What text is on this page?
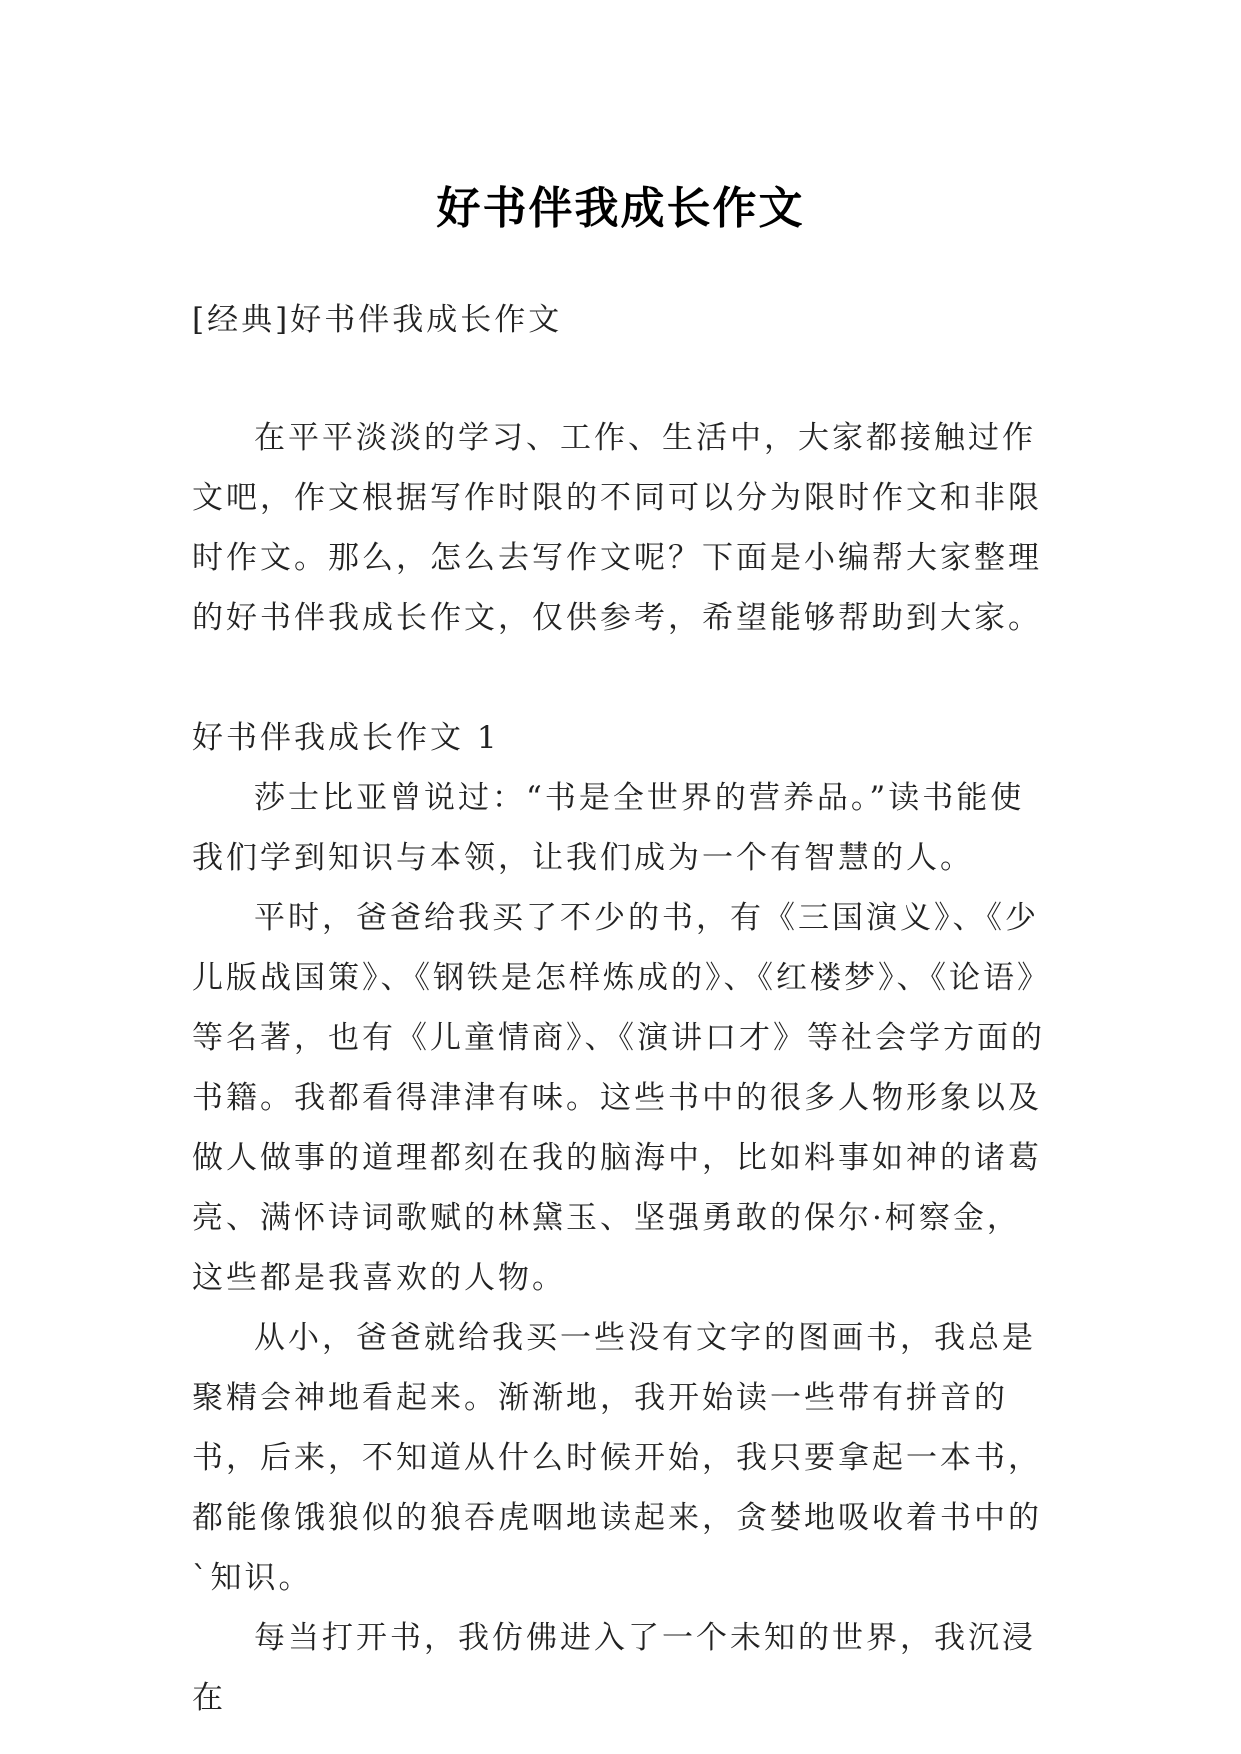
好书伴我成长作文

[经典]好书伴我成长作文

在平平淡淡的学习、工作、生活中，大家都接触过作文吧，作文根据写作时限的不同可以分为限时作文和非限时作文。那么，怎么去写作文呢？下面是小编帮大家整理的好书伴我成长作文，仅供参考，希望能够帮助到大家。

好书伴我成长作文 1

莎士比亚曾说过：“书是全世界的营养品。”读书能使我们学到知识与本领，让我们成为一个有智慧的人。

平时，爸爸给我买了不少的书，有《三国演义》、《少儿版战国策》、《钢铁是怎样炼成的》、《红楼梦》、《论语》等名著，也有《儿童情商》、《演讲口才》等社会学方面的书籍。我都看得津津有味。这些书中的很多人物形象以及做人做事的道理都刻在我的脑海中，比如料事如神的诸葛亮、满怀诗词歌赋的林黛玉、坚强勇敢的保尔·柯察金，这些都是我喜欢的人物。

从小，爸爸就给我买一些没有文字的图画书，我总是聚精会神地看起来。渐渐地，我开始读一些带有拼音的书，后来，不知道从什么时候开始，我只要拿起一本书，都能像饿狼似的狼吞虎咽地读起来，贪婪地吸收着书中的`知识。

每当打开书，我仿佛进入了一个未知的世界，我沉浸在
